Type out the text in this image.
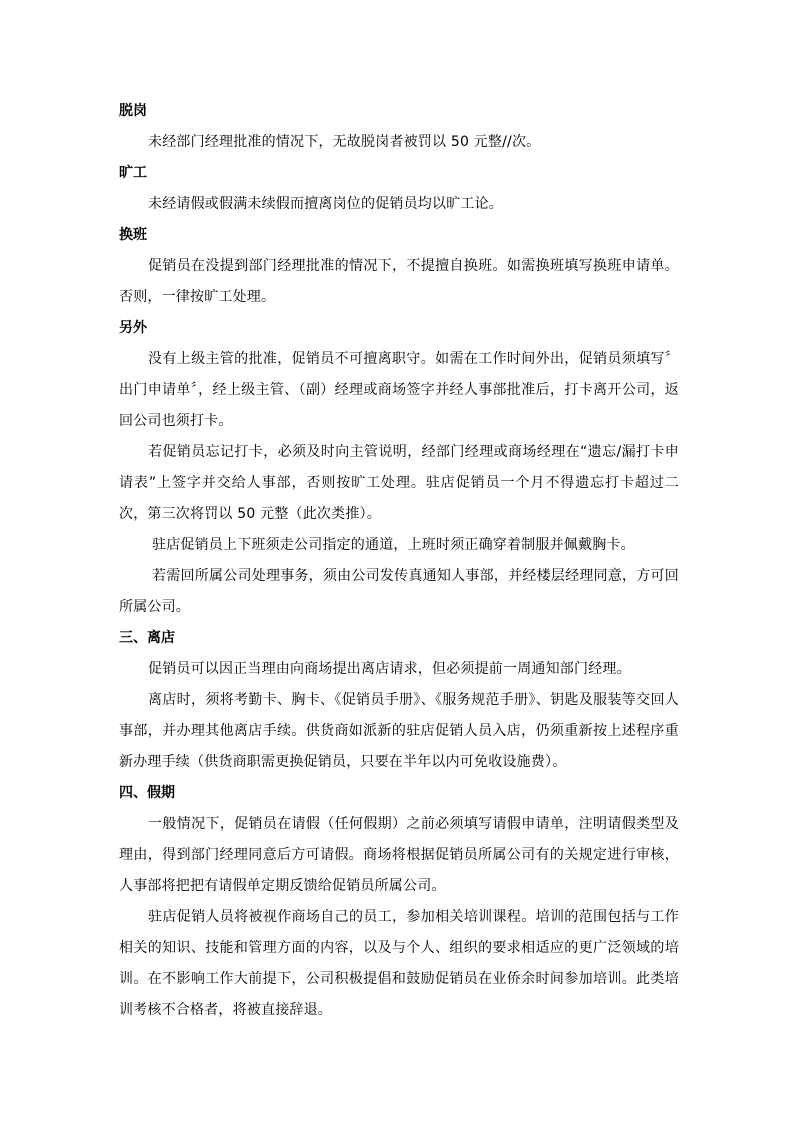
脱岗

未经部门经理批准的情况下，无故脱岗者被罚以 50 元整//次。

旷工

未经请假或假满未续假而擅离岗位的促销员均以旷工论。

换班

促销员在没提到部门经理批准的情况下，不提擅自换班。如需换班填写换班申请单。否则，一律按旷工处理。

另外

没有上级主管的批准，促销员不可擅离职守。如需在工作时间外出，促销员须填写〞出门申请单〞，经上级主管、（副）经理或商场签字并经人事部批准后，打卡离开公司，返回公司也须打卡。

若促销员忘记打卡，必须及时向主管说明，经部门经理或商场经理在“遗忘/漏打卡申请表”上签字并交给人事部，否则按旷工处理。驻店促销员一个月不得遗忘打卡超过二次，第三次将罚以 50 元整（此次类推）。

驻店促销员上下班须走公司指定的通道，上班时须正确穿着制服并佩戴胸卡。

若需回所属公司处理事务，须由公司发传真通知人事部，并经楼层经理同意，方可回所属公司。

三、离店

促销员可以因正当理由向商场提出离店请求，但必须提前一周通知部门经理。

离店时，须将考勤卡、胸卡、《促销员手册》、《服务规范手册》、钥匙及服装等交回人事部，并办理其他离店手续。供货商如派新的驻店促销人员入店，仍须重新按上述程序重新办理手续（供货商职需更换促销员，只要在半年以内可免收设施费）。

四、假期

一般情况下，促销员在请假（任何假期）之前必须填写请假申请单，注明请假类型及理由，得到部门经理同意后方可请假。商场将根据促销员所属公司有的关规定进行审核，人事部将把把有请假单定期反馈给促销员所属公司。

驻店促销人员将被视作商场自己的员工，参加相关培训课程。培训的范围包括与工作相关的知识、技能和管理方面的内容，以及与个人、组织的要求相适应的更广泛领域的培训。在不影响工作大前提下，公司积极提倡和鼓励促销员在业侨余时间参加培训。此类培训考核不合格者，将被直接辞退。
